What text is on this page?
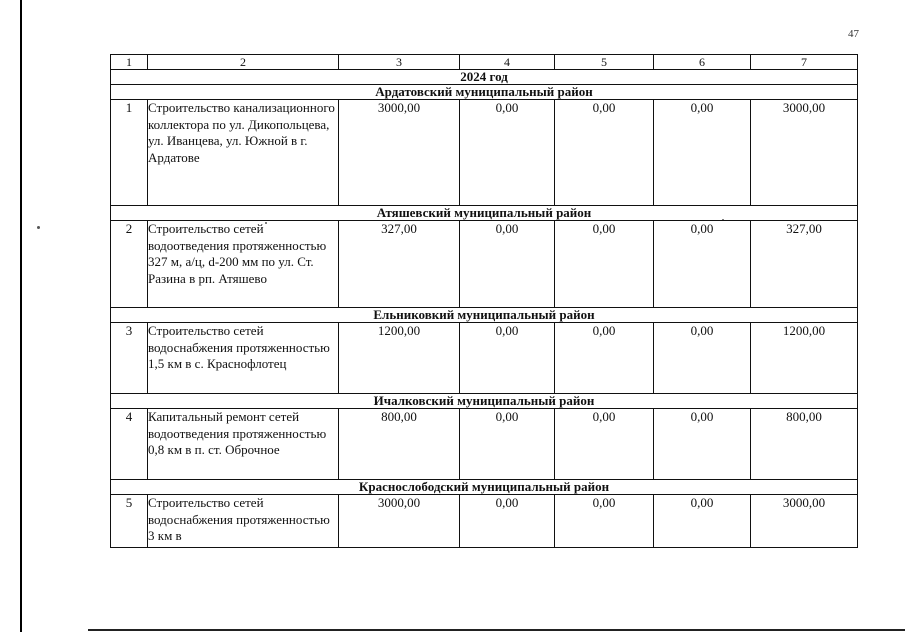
47
1	2	3	4	5	6	7
2024 год						
Ардатовский муниципальный район						
1	Строительство канализационного коллектора по ул. Дикопольцева, ул. Иванцева, ул. Южной в г. Ардатове	3000,00	0,00	0,00	0,00	3000,00
Атяшевский муниципальный район						
2	Строительство сетей водоотведения протяженностью 327 м, а/ц, d-200 мм по ул. Ст. Разина в рп. Атяшево	327,00	0,00	0,00	0,00	327,00
Ельниковкий муниципальный район						
3	Строительство сетей водоснабжения протяженностью 1,5 км в с. Краснофлотец	1200,00	0,00	0,00	0,00	1200,00
Ичалковский муниципальный район						
4	Капитальный ремонт сетей водоотведения протяженностью 0,8 км в п. ст. Оброчное	800,00	0,00	0,00	0,00	800,00
Краснослободский муниципальный район						
5	Строительство сетей водоснабжения протяженностью 3 км в	3000,00	0,00	0,00	0,00	3000,00
